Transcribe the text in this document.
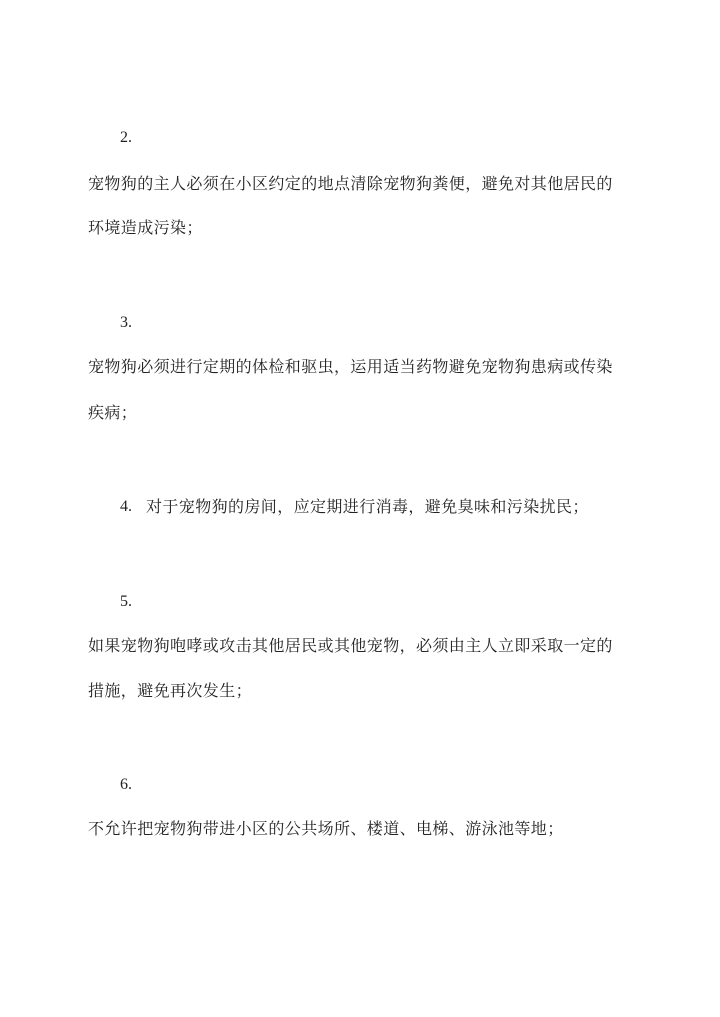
2.
宠物狗的主人必须在小区约定的地点清除宠物狗粪便，避免对其他居民的
环境造成污染；
3.
宠物狗必须进行定期的体检和驱虫，运用适当药物避免宠物狗患病或传染
疾病；
4. 对于宠物狗的房间，应定期进行消毒，避免臭味和污染扰民；
5.
如果宠物狗咆哮或攻击其他居民或其他宠物，必须由主人立即采取一定的
措施，避免再次发生；
6.
不允许把宠物狗带进小区的公共场所、楼道、电梯、游泳池等地；
